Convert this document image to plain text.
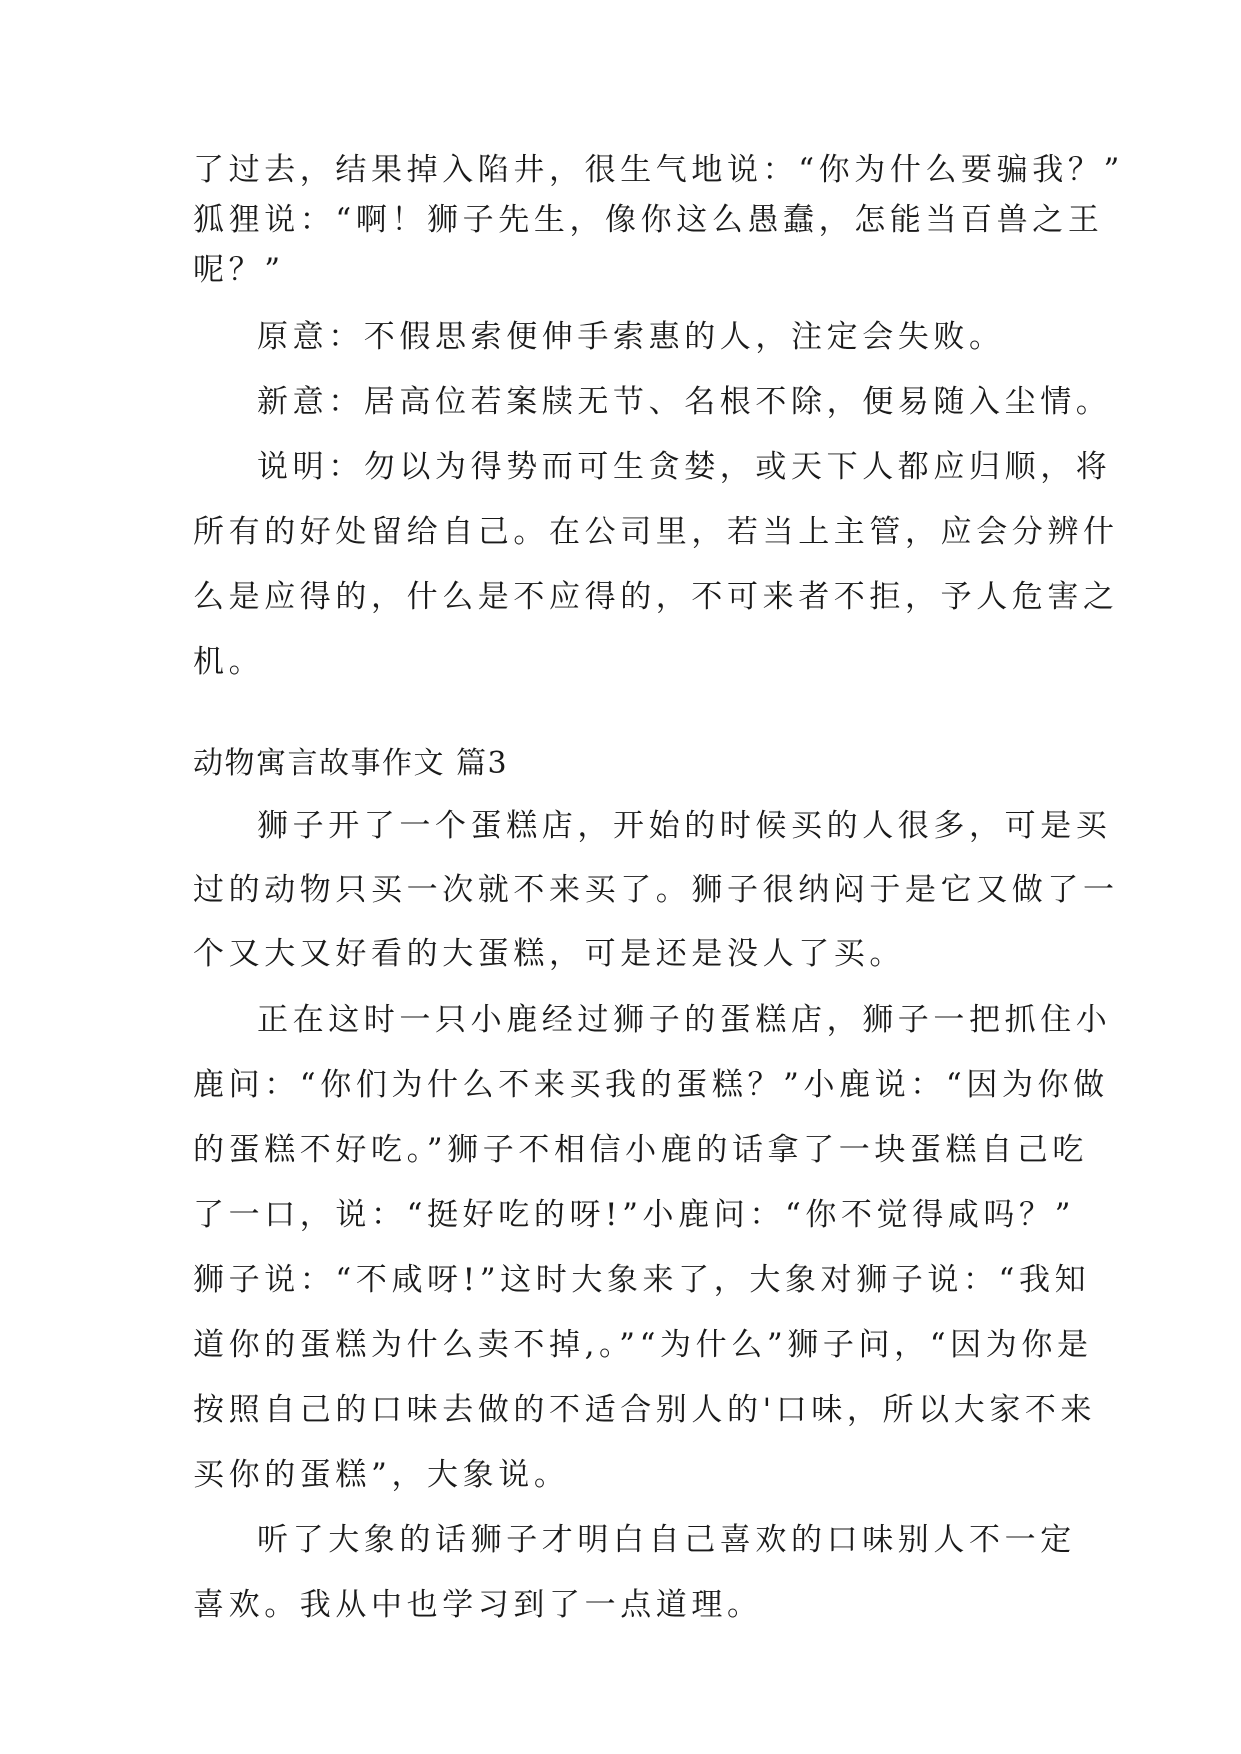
了过去，结果掉入陷井，很生气地说：“你为什么要骗我？”

狐狸说：“啊！狮子先生，像你这么愚蠢，怎能当百兽之王

呢？”

原意：不假思索便伸手索惠的人，注定会失败。

新意：居高位若案牍无节、名根不除，便易随入尘情。

说明：勿以为得势而可生贪婪，或天下人都应归顺，将

所有的好处留给自己。在公司里，若当上主管，应会分辨什

么是应得的，什么是不应得的，不可来者不拒，予人危害之

机。

动物寓言故事作文 篇3

狮子开了一个蛋糕店，开始的时候买的人很多，可是买

过的动物只买一次就不来买了。狮子很纳闷于是它又做了一

个又大又好看的大蛋糕，可是还是没人了买。

正在这时一只小鹿经过狮子的蛋糕店，狮子一把抓住小

鹿问：“你们为什么不来买我的蛋糕？”小鹿说：“因为你做

的蛋糕不好吃。”狮子不相信小鹿的话拿了一块蛋糕自己吃

了一口，说：“挺好吃的呀!”小鹿问：“你不觉得咸吗？”

狮子说：“不咸呀!”这时大象来了，大象对狮子说：“我知

道你的蛋糕为什么卖不掉,。”“为什么”狮子问，“因为你是

按照自己的口味去做的不适合别人的'口味，所以大家不来

买你的蛋糕”，大象说。

听了大象的话狮子才明白自己喜欢的口味别人不一定

喜欢。我从中也学习到了一点道理。
